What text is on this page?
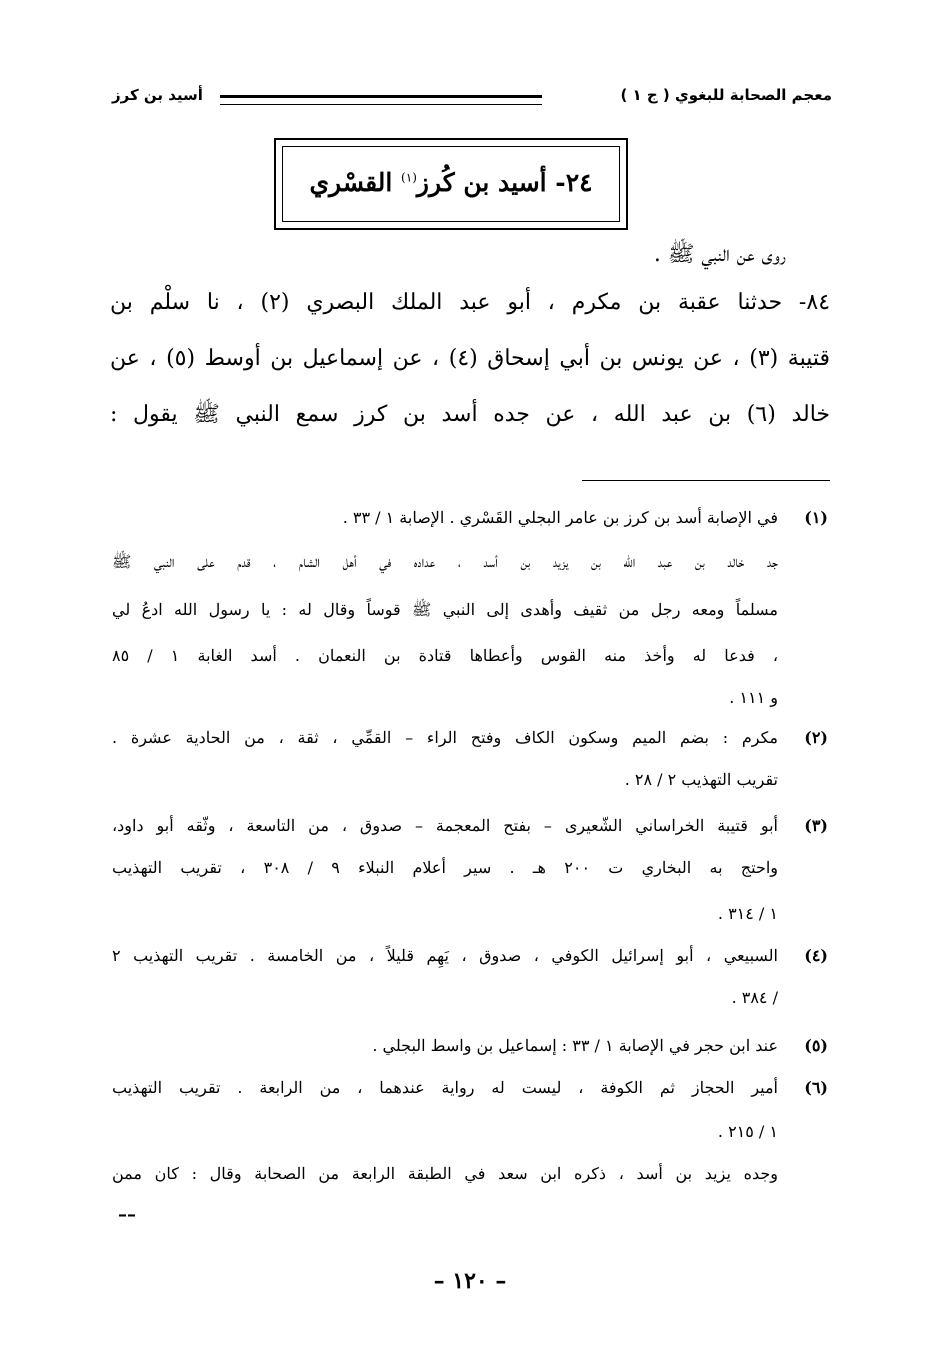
معجم الصحابة للبغوي ( ج ١ )
أسيد بن كرز
٢٤- أسيد بن كُرز$^{(١)}$ القسْري
روى عن النبي ﷺ .
٨٤- حدثنا عقبة بن مكرم ، أبو عبد الملك البصري (٢) ، نا سلْم بن
قتيبة (٣) ، عن يونس بن أبي إسحاق (٤) ، عن إسماعيل بن أوسط (٥) ، عن
خالد (٦) بن عبد الله ، عن جده أسد بن كرز سمع النبي ﷺ يقول :
(١)
في الإصابة أسد بن كرز بن عامر البجلي القَسْري . الإصابة ١ / ٣٣ .
جد خالد بن عبد الله بن يزيد بن أسد ، عداده في أهل الشام ، قدم على النبي ﷺ
مسلماً ومعه رجل من ثقيف وأهدى إلى النبي ﷺ قوساً وقال له : يا رسول الله ادعُ لي
، فدعا له وأخذ منه القوس وأعطاها قتادة بن النعمان . أسد الغابة ١ / ٨٥
و ١١١ .
(٢)
مكرم : بضم الميم وسكون الكاف وفتح الراء – القمِّي ، ثقة ، من الحادية عشرة .
تقريب التهذيب ٢ / ٢٨ .
(٣)
أبو قتيبة الخراساني الشّعيرى – بفتح المعجمة – صدوق ، من التاسعة ، وثّقه أبو داود،
واحتج به البخاري ت ٢٠٠ هـ . سير أعلام النبلاء ٩ / ٣٠٨ ، تقريب التهذيب
١ / ٣١٤ .
(٤)
السبيعي ، أبو إسرائيل الكوفي ، صدوق ، يَهِم قليلاً ، من الخامسة . تقريب التهذيب ٢
/ ٣٨٤ .
(٥)
عند ابن حجر في الإصابة ١ / ٣٣ : إسماعيل بن واسط البجلي .
(٦)
أمير الحجاز ثم الكوفة ، ليست له رواية عندهما ، من الرابعة . تقريب التهذيب
١ / ٢١٥ .
وجده يزيد بن أسد ، ذكره ابن سعد في الطبقة الرابعة من الصحابة وقال : كان ممن
––
– ١٢٠ –
